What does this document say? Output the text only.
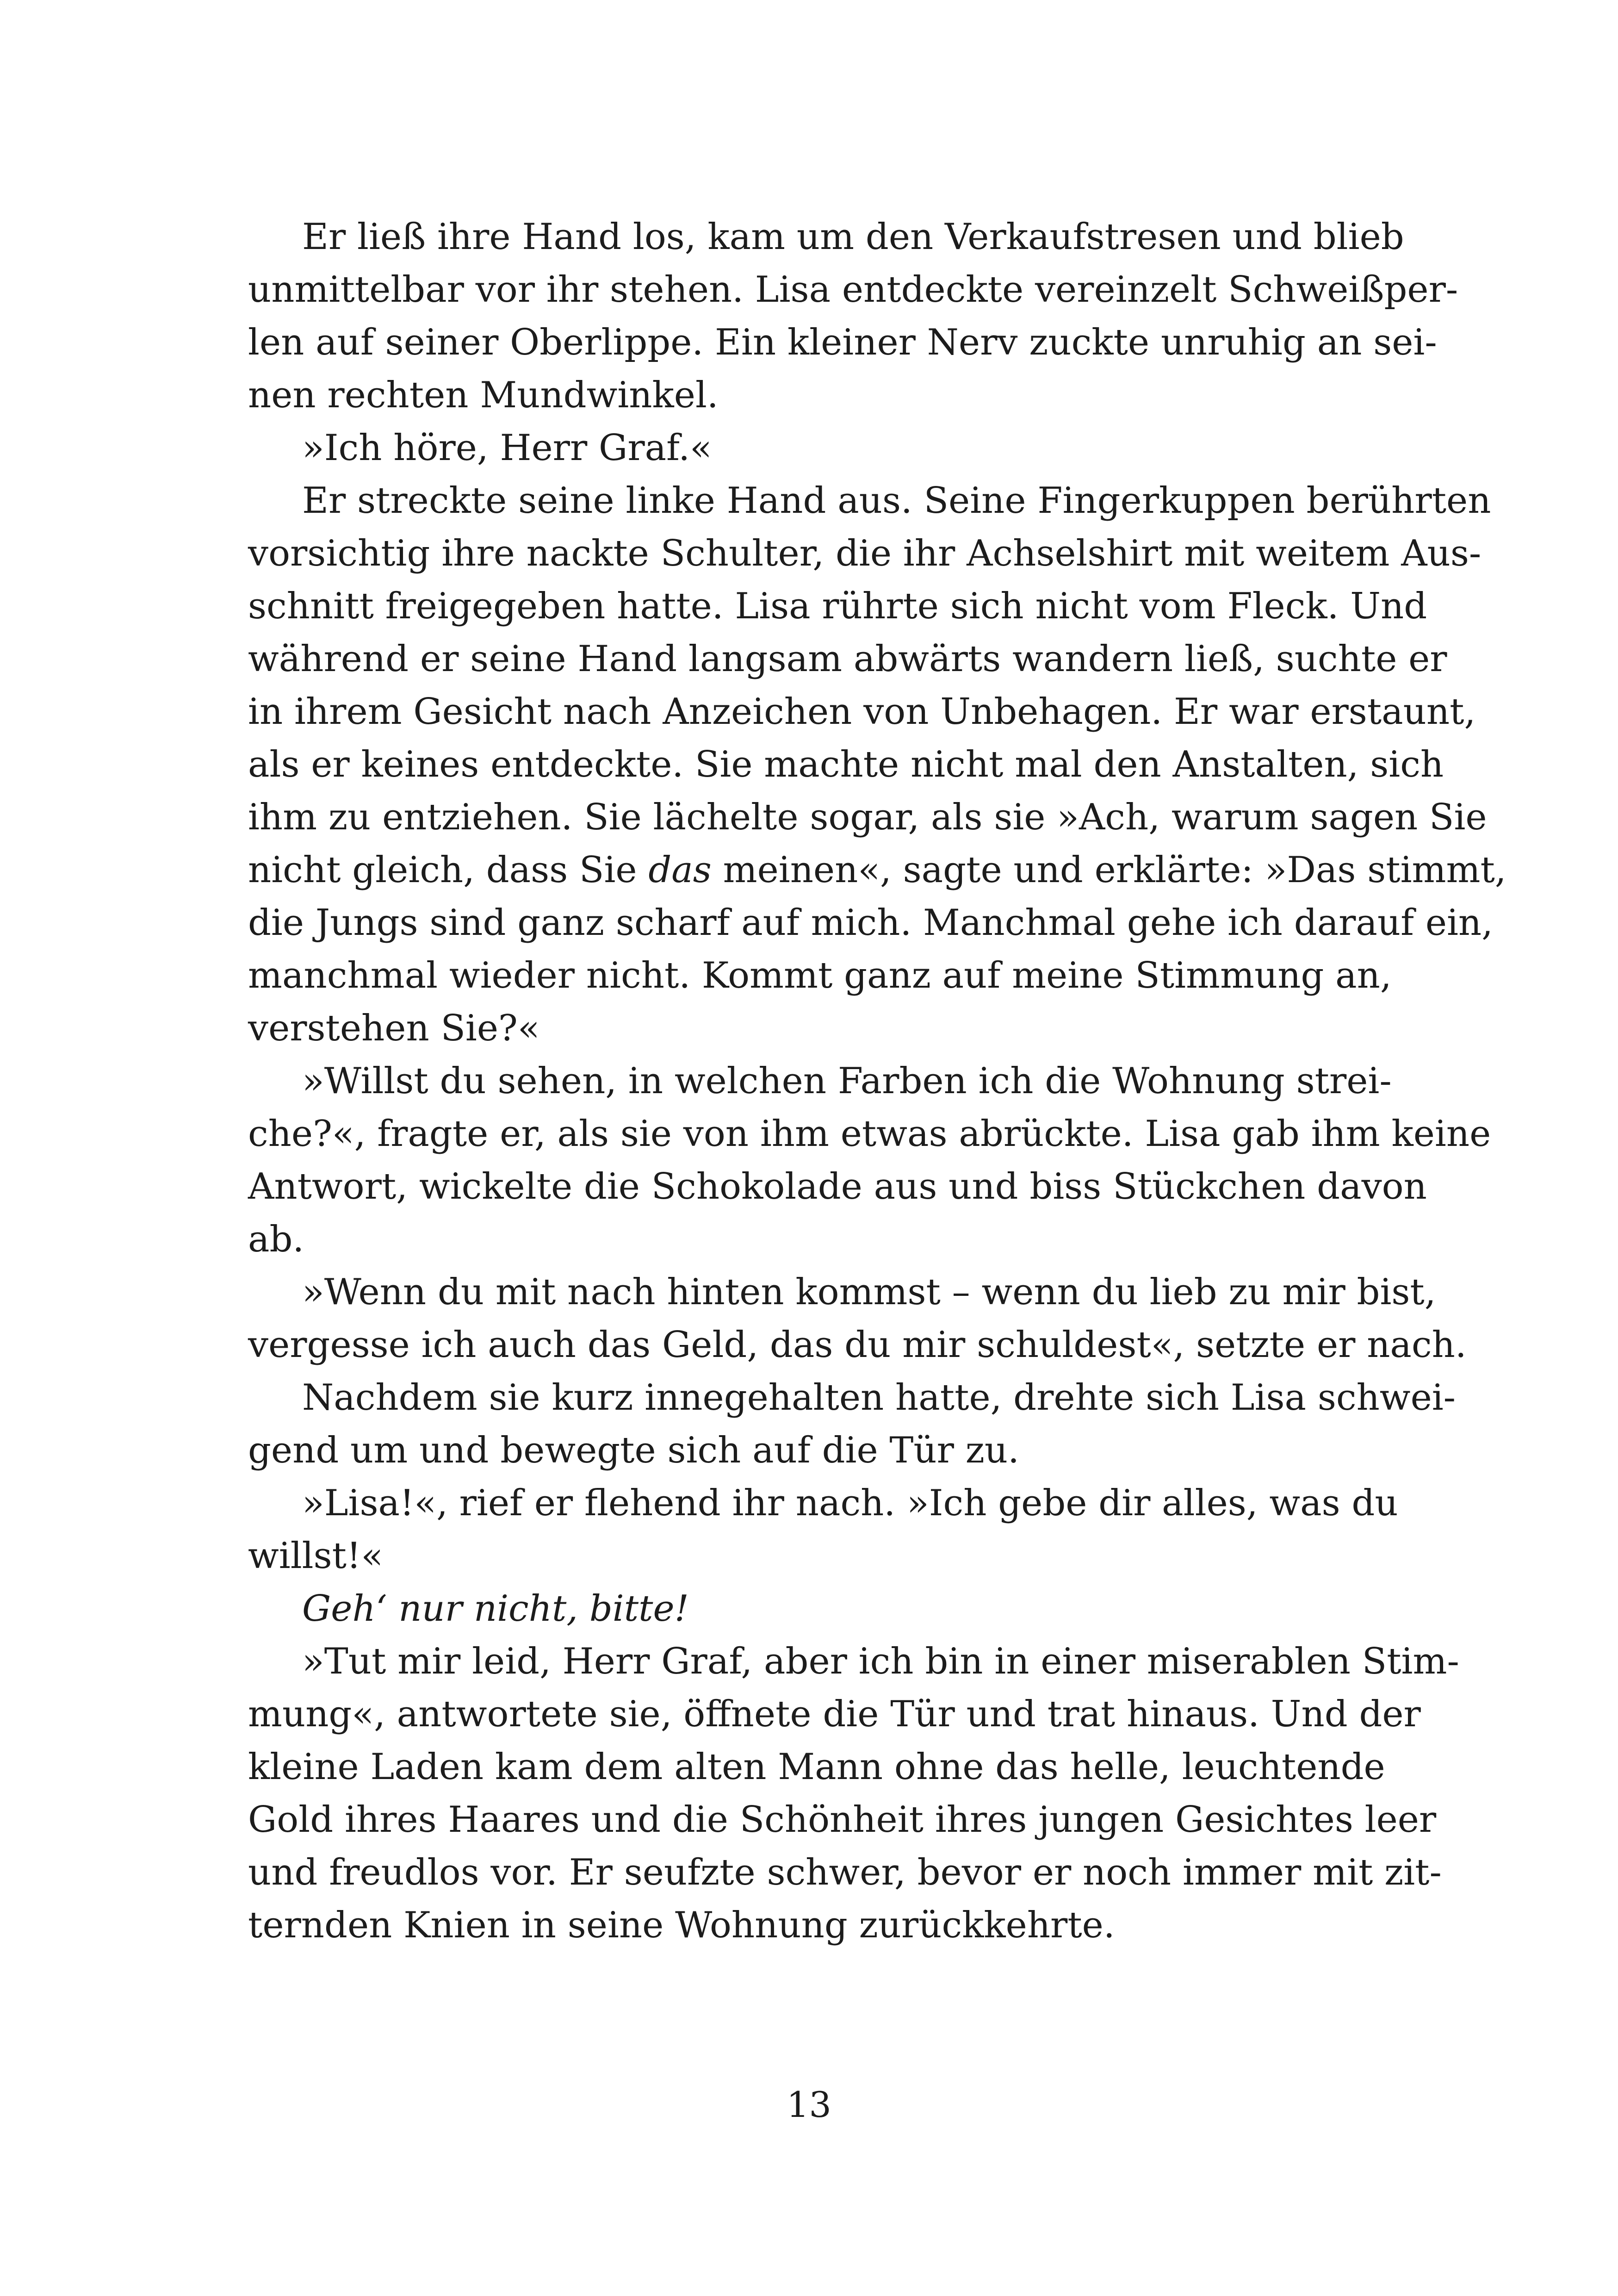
Er ließ ihre Hand los, kam um den Verkaufstresen und blieb
unmittelbar vor ihr stehen. Lisa entdeckte vereinzelt Schweißper-
len auf seiner Oberlippe. Ein kleiner Nerv zuckte unruhig an sei-
nen rechten Mundwinkel.
»Ich höre, Herr Graf.«
Er streckte seine linke Hand aus. Seine Fingerkuppen berührten
vorsichtig ihre nackte Schulter, die ihr Achselshirt mit weitem Aus-
schnitt freigegeben hatte. Lisa rührte sich nicht vom Fleck. Und
während er seine Hand langsam abwärts wandern ließ, suchte er
in ihrem Gesicht nach Anzeichen von Unbehagen. Er war erstaunt,
als er keines entdeckte. Sie machte nicht mal den Anstalten, sich
ihm zu entziehen. Sie lächelte sogar, als sie »Ach, warum sagen Sie
nicht gleich, dass Sie das meinen«, sagte und erklärte: »Das stimmt,
die Jungs sind ganz scharf auf mich. Manchmal gehe ich darauf ein,
manchmal wieder nicht. Kommt ganz auf meine Stimmung an,
verstehen Sie?«
»Willst du sehen, in welchen Farben ich die Wohnung strei-
che?«, fragte er, als sie von ihm etwas abrückte. Lisa gab ihm keine
Antwort, wickelte die Schokolade aus und biss Stückchen davon
ab.
»Wenn du mit nach hinten kommst – wenn du lieb zu mir bist,
vergesse ich auch das Geld, das du mir schuldest«, setzte er nach.
Nachdem sie kurz innegehalten hatte, drehte sich Lisa schwei-
gend um und bewegte sich auf die Tür zu.
»Lisa!«, rief er flehend ihr nach. »Ich gebe dir alles, was du
willst!«
Geh‘ nur nicht, bitte!
»Tut mir leid, Herr Graf, aber ich bin in einer miserablen Stim-
mung«, antwortete sie, öffnete die Tür und trat hinaus. Und der
kleine Laden kam dem alten Mann ohne das helle, leuchtende
Gold ihres Haares und die Schönheit ihres jungen Gesichtes leer
und freudlos vor. Er seufzte schwer, bevor er noch immer mit zit-
ternden Knien in seine Wohnung zurückkehrte.
13
